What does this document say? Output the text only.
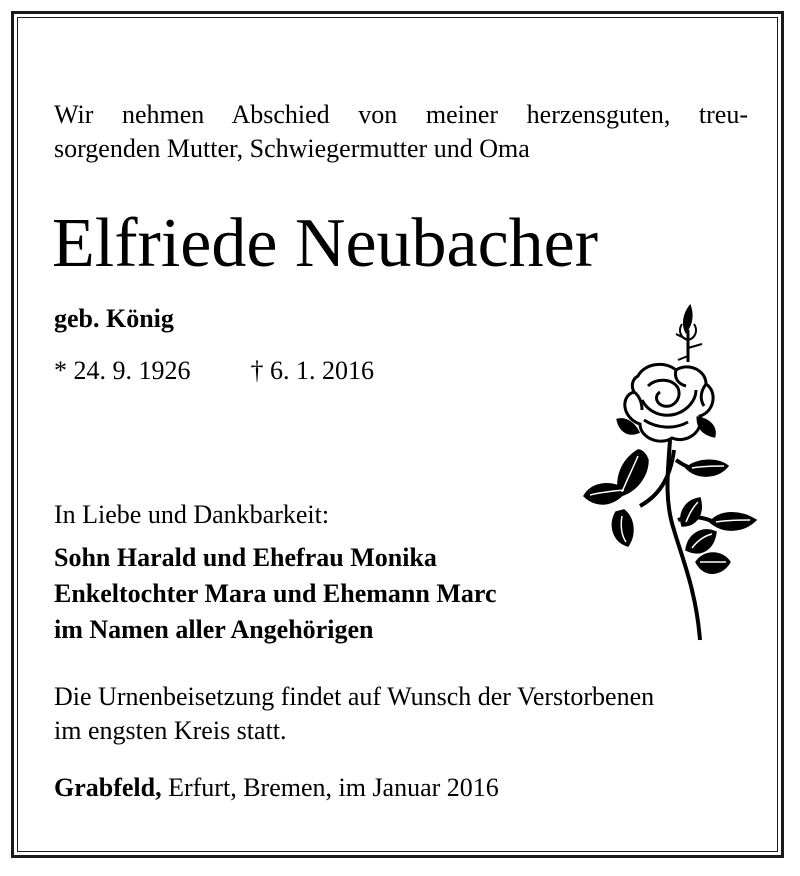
Wir nehmen Abschied von meiner herzensguten, treu-
sorgenden Mutter, Schwiegermutter und Oma

Elfriede Neubacher

geb. König

* 24. 9. 1926 † 6. 1. 2016

In Liebe und Dankbarkeit:

Sohn Harald und Ehefrau Monika
Enkeltochter Mara und Ehemann Marc
im Namen aller Angehörigen

Die Urnenbeisetzung findet auf Wunsch der Verstorbenen
im engsten Kreis statt.

Grabfeld, Erfurt, Bremen, im Januar 2016
